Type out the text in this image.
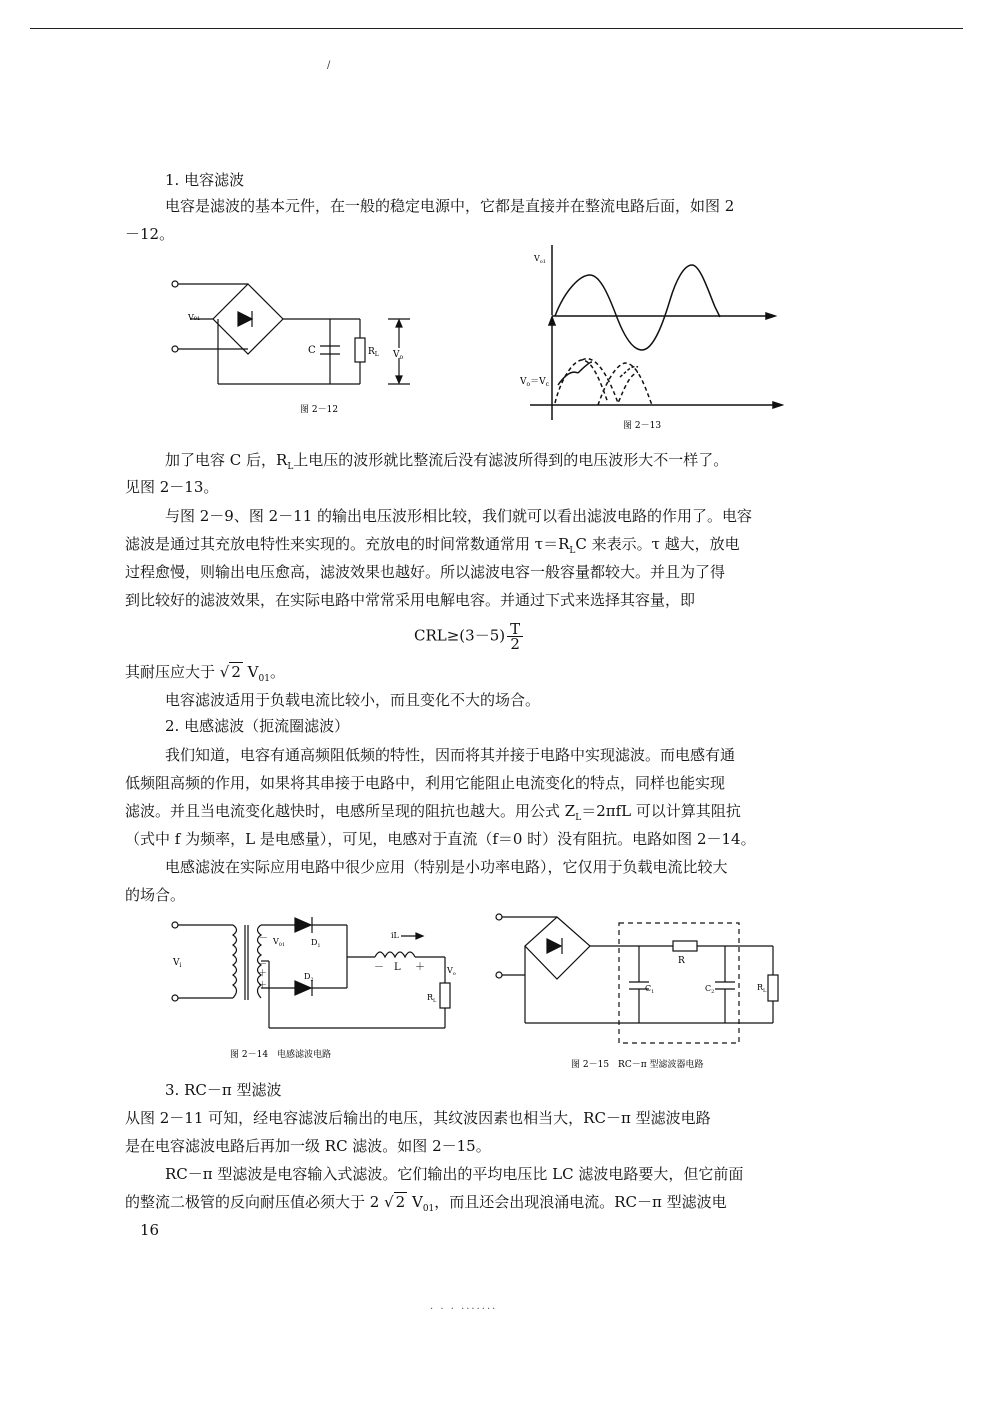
/
1. 电容滤波
电容是滤波的基本元件，在一般的稳定电源中，它都是直接并在整流电路后面，如图 2
－12。
V₀₁
C	$R_L$ $V_o$
图 2－12
$V_{o1}$
$V_o=V_c$
图 2－13
加了电容 C 后，$R_L$上电压的波形就比整流后没有滤波所得到的电压波形大不一样了。
见图 2－13。
与图 2－9、图 2－11 的输出电压波形相比较，我们就可以看出滤波电路的作用了。电容
滤波是通过其充放电特性来实现的。充放电的时间常数通常用 $\tau=R_LC$ 来表示。τ 越大，放电
过程愈慢，则输出电压愈高，滤波效果也越好。所以滤波电容一般容量都较大。并且为了得
到比较好的滤波效果，在实际电路中常常采用电解电容。并通过下式来选择其容量，即
$CRL\ge(3-5) \frac{T}{2}$
其耐压应大于 √ 2 $V_{01}$。
电容滤波适用于负载电流比较小，而且变化不大的场合。
2. 电感滤波（扼流圈滤波）
我们知道，电容有通高频阻低频的特性，因而将其并接于电路中实现滤波。而电感有通
低频阻高频的作用，如果将其串接于电路中，利用它能阻止电流变化的特点，同样也能实现
滤波。并且当电流变化越快时，电感所呈现的阻抗也越大。用公式 $Z_L=2\pi fL$ 可以计算其阻抗
（式中 f 为频率，L 是电感量），可见，电感对于直流（f＝0 时）没有阻抗。电路如图 2－14。
电感滤波在实际应用电路中很少应用（特别是小功率电路），它仅用于负载电流比较大
的场合。
$V_i$
$V_{01}$
－
－
＋
＋
$D_1$
$D_2$
iL
L
－	＋	$V_o$
$R_L$
图 2－14　电感滤波电路
R
$C_1$	$C_2$	$R_L$
图 2－15　RC－π 型滤波器电路
3. RC－π 型滤波
从图 2－11 可知，经电容滤波后输出的电压，其纹波因素也相当大，RC－π 型滤波电路
是在电容滤波电路后再加一级 RC 滤波。如图 2－15。
RC－π 型滤波是电容输入式滤波。它们输出的平均电压比 LC 滤波电路要大，但它前面
的整流二极管的反向耐压值必须大于 2 √ 2 $V_{01}$，而且还会出现浪涌电流。RC－π 型滤波电
16
· · · ·······
